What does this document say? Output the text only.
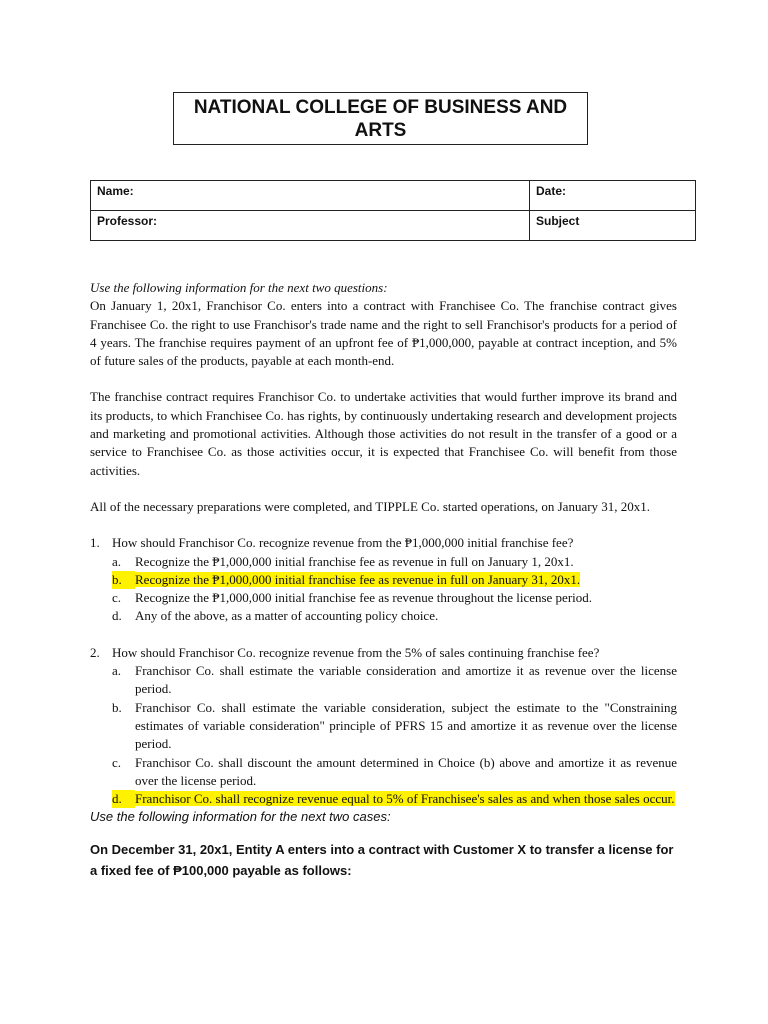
NATIONAL COLLEGE OF BUSINESS AND ARTS
Name:	Date:
Professor:	Subject

Use the following information for the next two questions:

On January 1, 20x1, Franchisor Co. enters into a contract with Franchisee Co. The franchise contract gives Franchisee Co. the right to use Franchisor's trade name and the right to sell Franchisor's products for a period of 4 years. The franchise requires payment of an upfront fee of ₱1,000,000, payable at contract inception, and 5% of future sales of the products, payable at each month-end.

The franchise contract requires Franchisor Co. to undertake activities that would further improve its brand and its products, to which Franchisee Co. has rights, by continuously undertaking research and development projects and marketing and promotional activities. Although those activities do not result in the transfer of a good or a service to Franchisee Co. as those activities occur, it is expected that Franchisee Co. will benefit from those activities.

All of the necessary preparations were completed, and TIPPLE Co. started operations, on January 31, 20x1.

1. How should Franchisor Co. recognize revenue from the ₱1,000,000 initial franchise fee?
a.	Recognize the ₱1,000,000 initial franchise fee as revenue in full on January 1, 20x1.
b.	Recognize the ₱1,000,000 initial franchise fee as revenue in full on January 31, 20x1.
c.	Recognize the ₱1,000,000 initial franchise fee as revenue throughout the license period.
d.	Any of the above, as a matter of accounting policy choice.
2. How should Franchisor Co. recognize revenue from the 5% of sales continuing franchise fee?
a.	Franchisor Co. shall estimate the variable consideration and amortize it as revenue over the license period.
b.	Franchisor Co. shall estimate the variable consideration, subject the estimate to the "Constraining estimates of variable consideration" principle of PFRS 15 and amortize it as revenue over the license period.
c.	Franchisor Co. shall discount the amount determined in Choice (b) above and amortize it as revenue over the license period.
d.	Franchisor Co. shall recognize revenue equal to 5% of Franchisee's sales as and when those sales occur.

Use the following information for the next two cases:

On December 31, 20x1, Entity A enters into a contract with Customer X to transfer a license for a fixed fee of ₱100,000 payable as follows:
